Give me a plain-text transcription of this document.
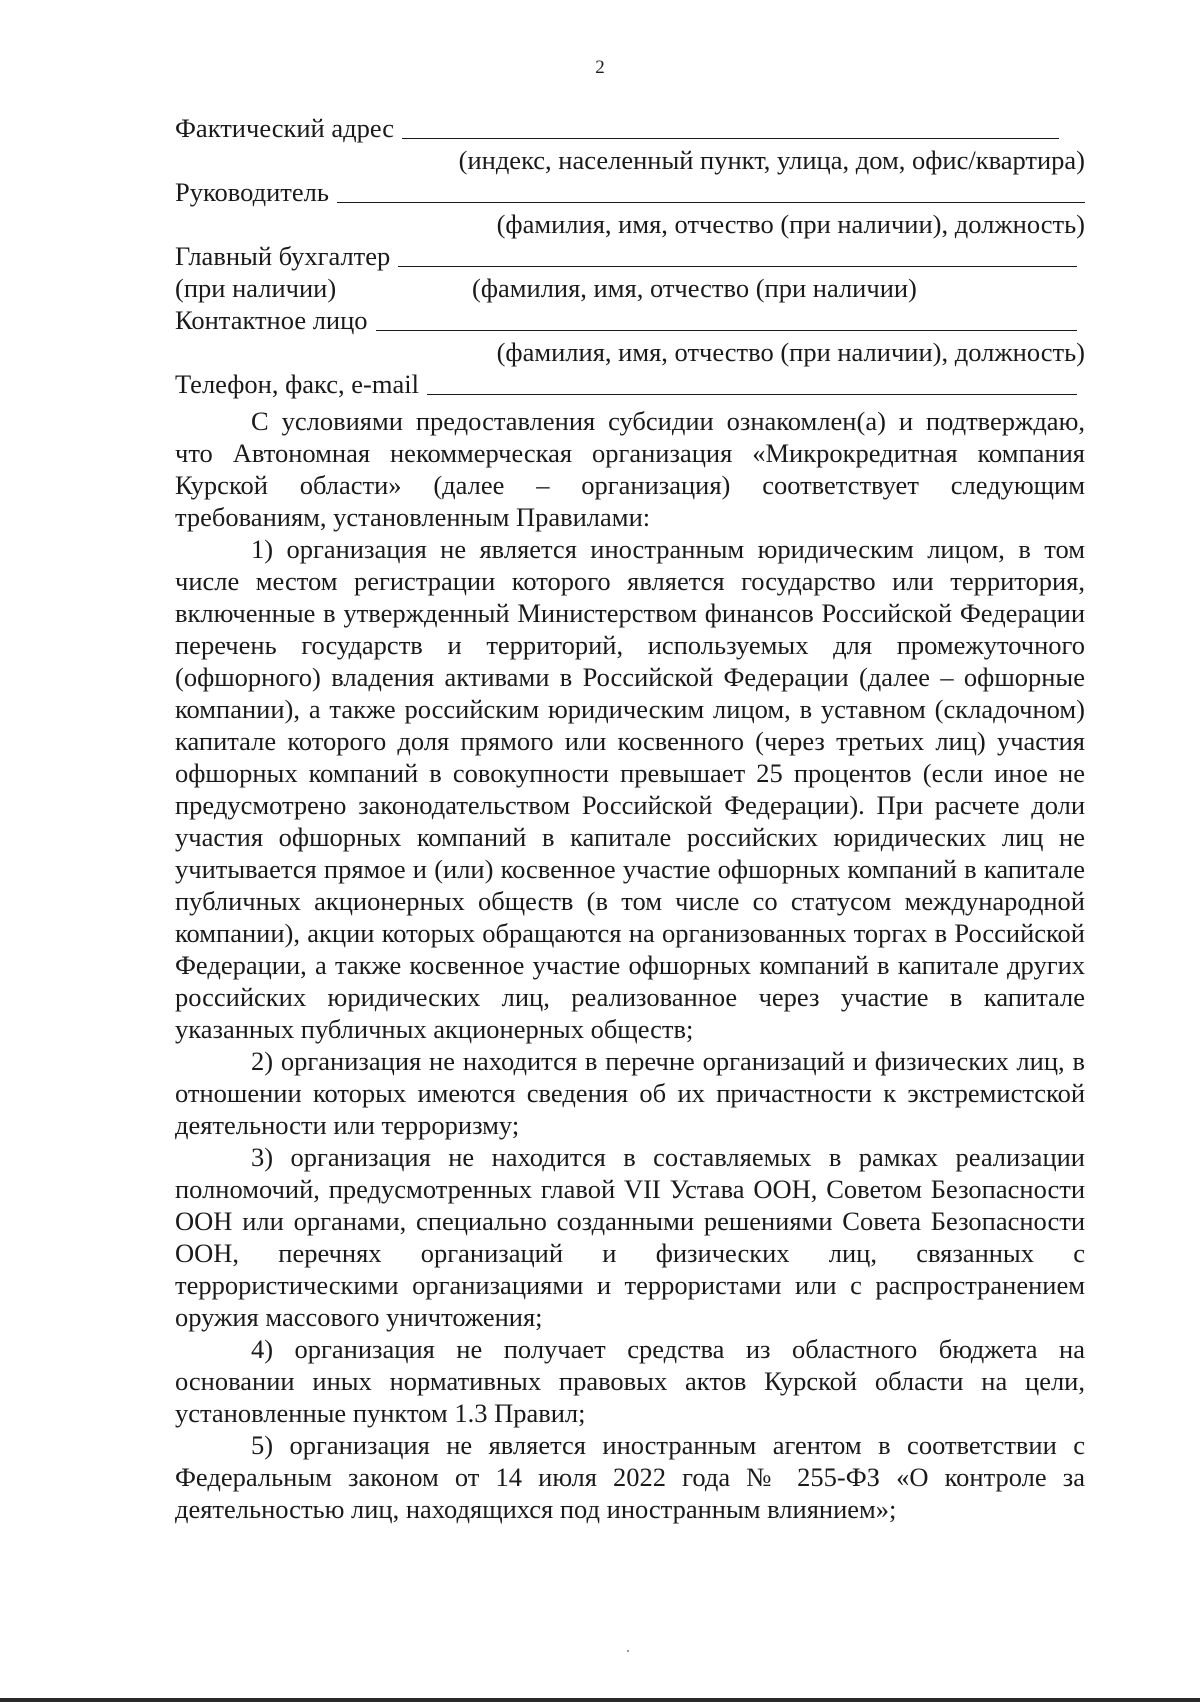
2
Фактический адрес
(индекс, населенный пункт, улица, дом, офис/квартира)
Руководитель
(фамилия, имя, отчество (при наличии), должность)
Главный бухгалтер
(при наличии)	(фамилия, имя, отчество (при наличии)
Контактное лицо
(фамилия, имя, отчество (при наличии), должность)
Телефон, факс, e-mail

С условиями предоставления субсидии ознакомлен(а) и подтверждаю, что Автономная некоммерческая организация «Микрокредитная компания Курской области» (далее – организация) соответствует следующим требованиям, установленным Правилами:

1) организация не является иностранным юридическим лицом, в том числе местом регистрации которого является государство или территория, включенные в утвержденный Министерством финансов Российской Федерации перечень государств и территорий, используемых для промежуточного (офшорного) владения активами в Российской Федерации (далее – офшорные компании), а также российским юридическим лицом, в уставном (складочном) капитале которого доля прямого или косвенного (через третьих лиц) участия офшорных компаний в совокупности превышает 25 процентов (если иное не предусмотрено законодательством Российской Федерации). При расчете доли участия офшорных компаний в капитале российских юридических лиц не учитывается прямое и (или) косвенное участие офшорных компаний в капитале публичных акционерных обществ (в том числе со статусом международной компании), акции которых обращаются на организованных торгах в Российской Федерации, а также косвенное участие офшорных компаний в капитале других российских юридических лиц, реализованное через участие в капитале указанных публичных акционерных обществ;

2) организация не находится в перечне организаций и физических лиц, в отношении которых имеются сведения об их причастности к экстремистской деятельности или терроризму;

3) организация не находится в составляемых в рамках реализации полномочий, предусмотренных главой VII Устава ООН, Советом Безопасности ООН или органами, специально созданными решениями Совета Безопасности ООН, перечнях организаций и физических лиц, связанных с террористическими организациями и террористами или с распространением оружия массового уничтожения;

4) организация не получает средства из областного бюджета на основании иных нормативных правовых актов Курской области на цели, установленные пунктом 1.3 Правил;

5) организация не является иностранным агентом в соответствии с Федеральным законом от 14 июля 2022 года № 255-ФЗ «О контроле за деятельностью лиц, находящихся под иностранным влиянием»;
